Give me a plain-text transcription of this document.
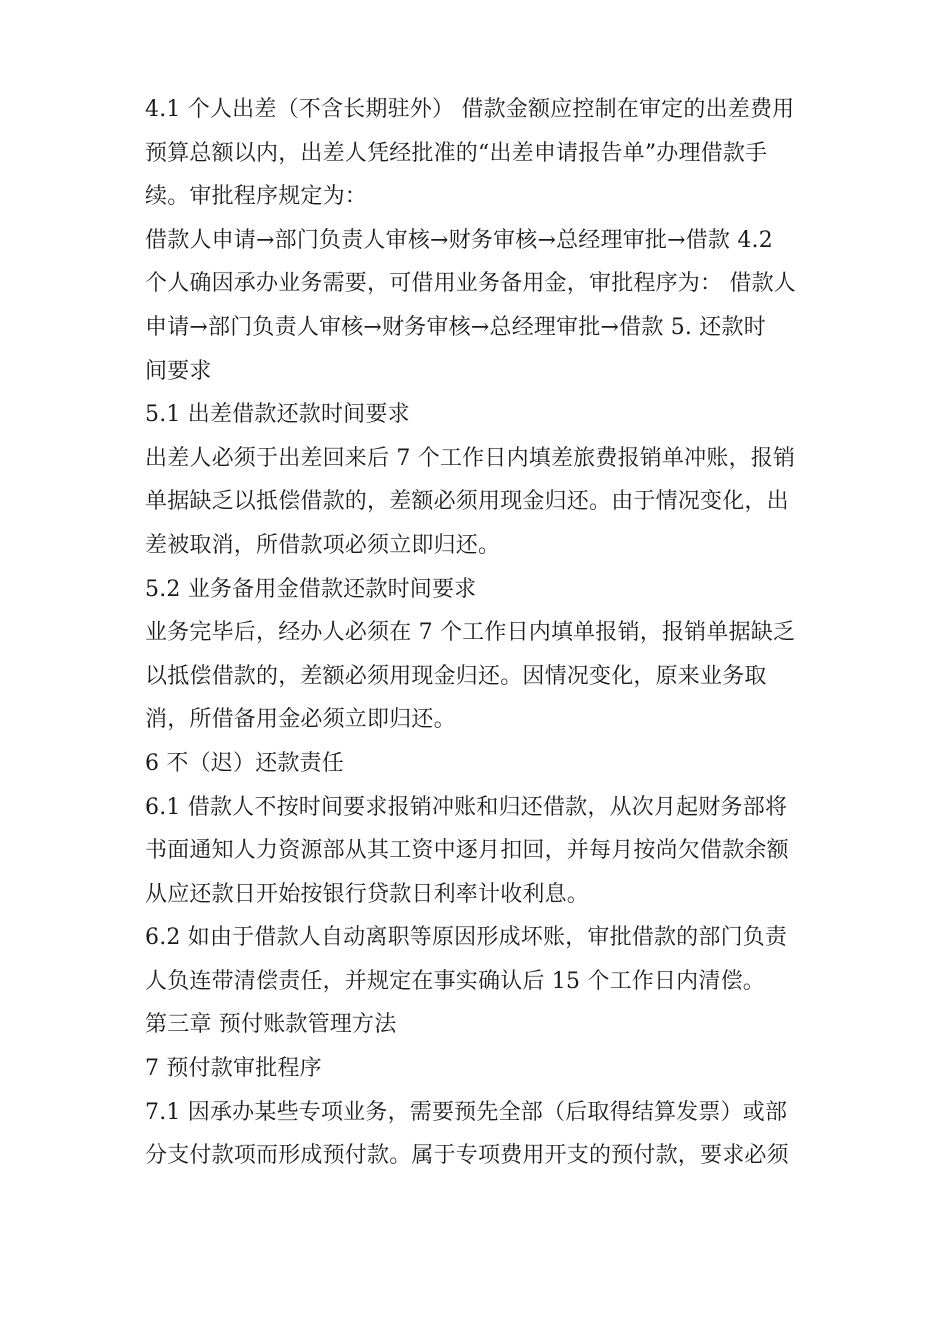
4.1 个人出差（不含长期驻外） 借款金额应控制在审定的出差费用
预算总额以内，出差人凭经批准的“出差申请报告单”办理借款手
续。审批程序规定为：
借款人申请→部门负责人审核→财务审核→总经理审批→借款 4.2
个人确因承办业务需要，可借用业务备用金，审批程序为： 借款人
申请→部门负责人审核→财务审核→总经理审批→借款 5. 还款时
间要求
5.1 出差借款还款时间要求
出差人必须于出差回来后 7 个工作日内填差旅费报销单冲账，报销
单据缺乏以抵偿借款的，差额必须用现金归还。由于情况变化，出
差被取消，所借款项必须立即归还。
5.2 业务备用金借款还款时间要求
业务完毕后，经办人必须在 7 个工作日内填单报销，报销单据缺乏
以抵偿借款的，差额必须用现金归还。因情况变化，原来业务取
消，所借备用金必须立即归还。
6 不（迟）还款责任
6.1 借款人不按时间要求报销冲账和归还借款，从次月起财务部将
书面通知人力资源部从其工资中逐月扣回，并每月按尚欠借款余额
从应还款日开始按银行贷款日利率计收利息。
6.2 如由于借款人自动离职等原因形成坏账，审批借款的部门负责
人负连带清偿责任，并规定在事实确认后 15 个工作日内清偿。
第三章 预付账款管理方法
7 预付款审批程序
7.1 因承办某些专项业务，需要预先全部（后取得结算发票）或部
分支付款项而形成预付款。属于专项费用开支的预付款，要求必须
